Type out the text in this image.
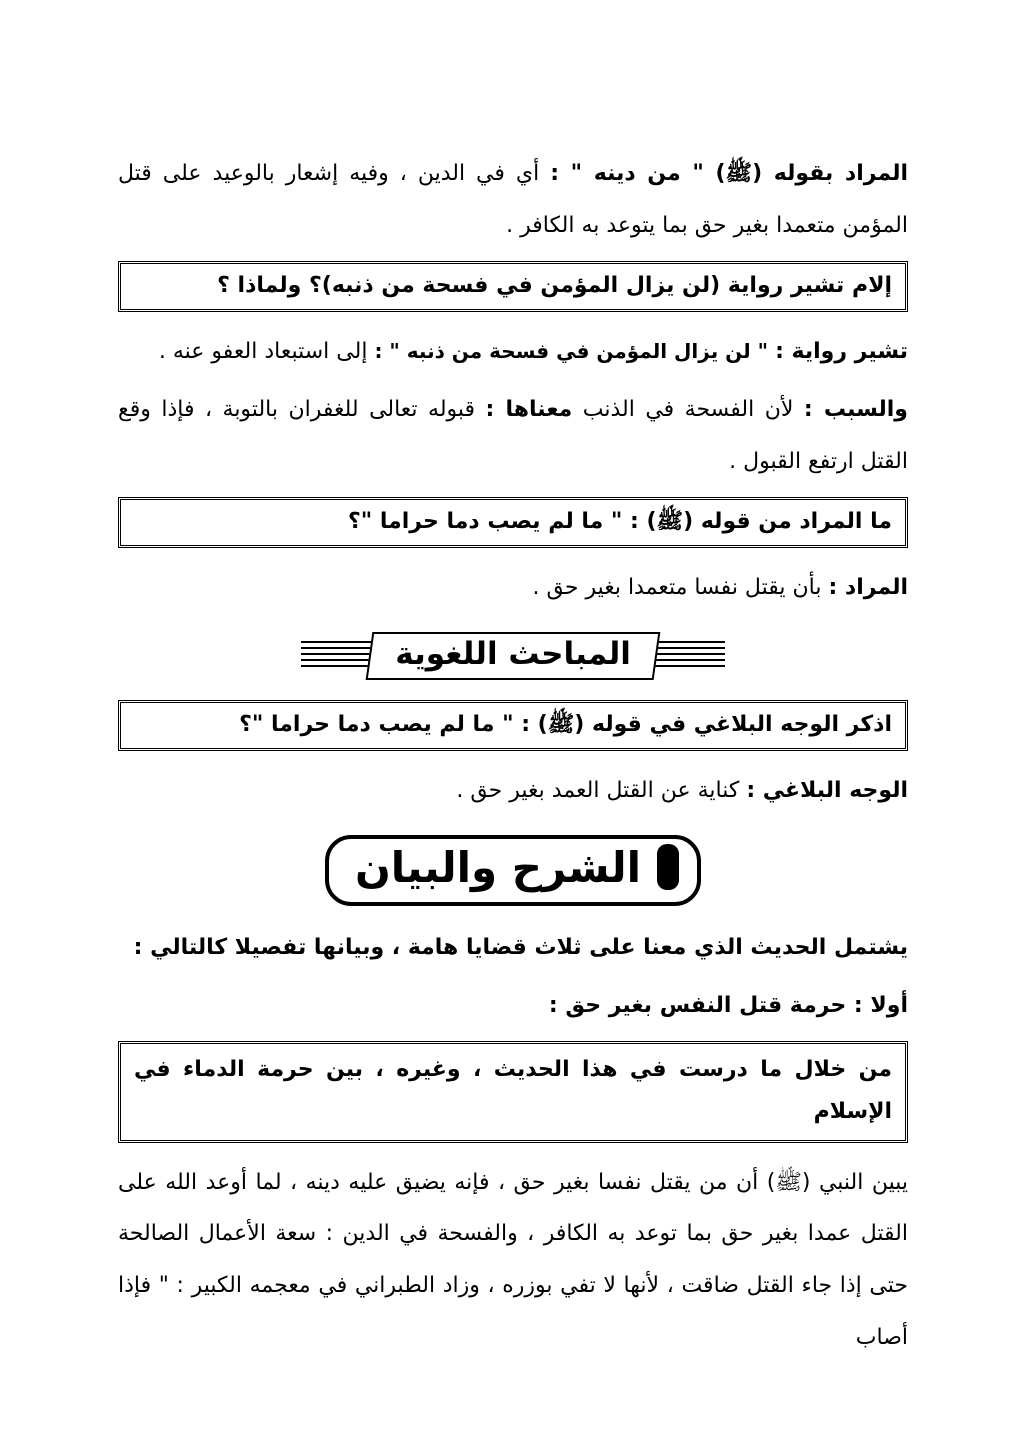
المراد بقوله (ﷺ) " من دينه " : أي في الدين ، وفيه إشعار بالوعيد على قتل المؤمن متعمدا بغير حق بما يتوعد به الكافر .

إلام تشير رواية (لن يزال المؤمن في فسحة من ذنبه)؟ ولماذا ؟

تشير رواية : " لن يزال المؤمن في فسحة من ذنبه " : إلى استبعاد العفو عنه .

والسبب : لأن الفسحة في الذنب معناها : قبوله تعالى للغفران بالتوبة ، فإذا وقع القتل ارتفع القبول .

ما المراد من قوله (ﷺ) : " ما لم يصب دما حراما "؟

المراد : بأن يقتل نفسا متعمدا بغير حق .

المباحث اللغوية
اذكر الوجه البلاغي في قوله (ﷺ) : " ما لم يصب دما حراما "؟

الوجه البلاغي : كناية عن القتل العمد بغير حق .

الشرح والبيان

يشتمل الحديث الذي معنا على ثلاث قضايا هامة ، وبيانها تفصيلا كالتالي :

أولا : حرمة قتل النفس بغير حق :

من خلال ما درست في هذا الحديث ، وغيره ، بين حرمة الدماء في الإسلام

يبين النبي (ﷺ) أن من يقتل نفسا بغير حق ، فإنه يضيق عليه دينه ، لما أوعد الله على القتل عمدا بغير حق بما توعد به الكافر ، والفسحة في الدين : سعة الأعمال الصالحة حتى إذا جاء القتل ضاقت ، لأنها لا تفي بوزره ، وزاد الطبراني في معجمه الكبير : " فإذا أصاب
